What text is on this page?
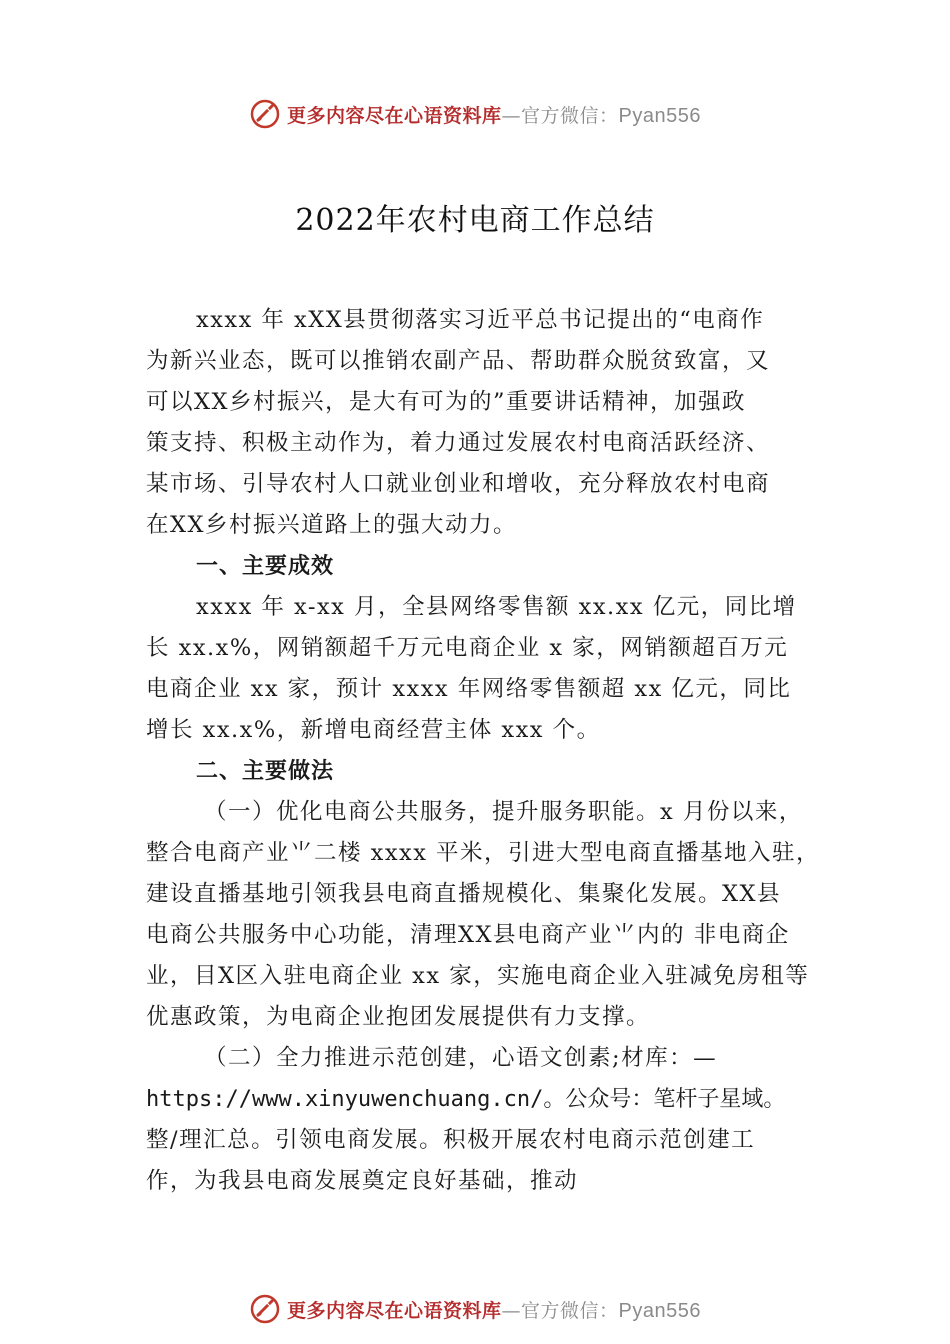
更多内容尽在心语资料库—官方微信：Pyan556
2022年农村电商工作总结
xxxx 年 xXX县贯彻落实习近平总书记提出的“电商作
为新兴业态，既可以推销农副产品、帮助群众脱贫致富，又
可以XX乡村振兴，是大有可为的”重要讲话精神，加强政
策支持、积极主动作为，着力通过发展农村电商活跃经济、
某市场、引导农村人口就业创业和增收，充分释放农村电商
在XX乡村振兴道路上的强大动力。
一、主要成效
xxxx 年 x-xx 月，全县网络零售额 xx.xx 亿元，同比增
长 xx.x%，网销额超千万元电商企业 x 家，网销额超百万元
电商企业 xx 家，预计 xxxx 年网络零售额超 xx 亿元，同比
增长 xx.x%，新增电商经营主体 xxx 个。
二、主要做法
（一）优化电商公共服务，提升服务职能。x 月份以来，
整合电商产业⺌二楼 xxxx 平米，引进大型电商直播基地入驻，
建设直播基地引领我县电商直播规模化、集聚化发展。XX县
电商公共服务中心功能，清理XX县电商产业⺌内的 非电商企
业，目X区入驻电商企业 xx 家，实施电商企业入驻减免房租等
优惠政策，为电商企业抱团发展提供有力支撑。
（二）全力推进示范创建，心语文创素;材库：—
https://www.xinyuwenchuang.cn/。公众号：笔杆子星域。
整/理汇总。引领电商发展。积极开展农村电商示范创建工
作，为我县电商发展奠定良好基础，推动
更多内容尽在心语资料库—官方微信：Pyan556
